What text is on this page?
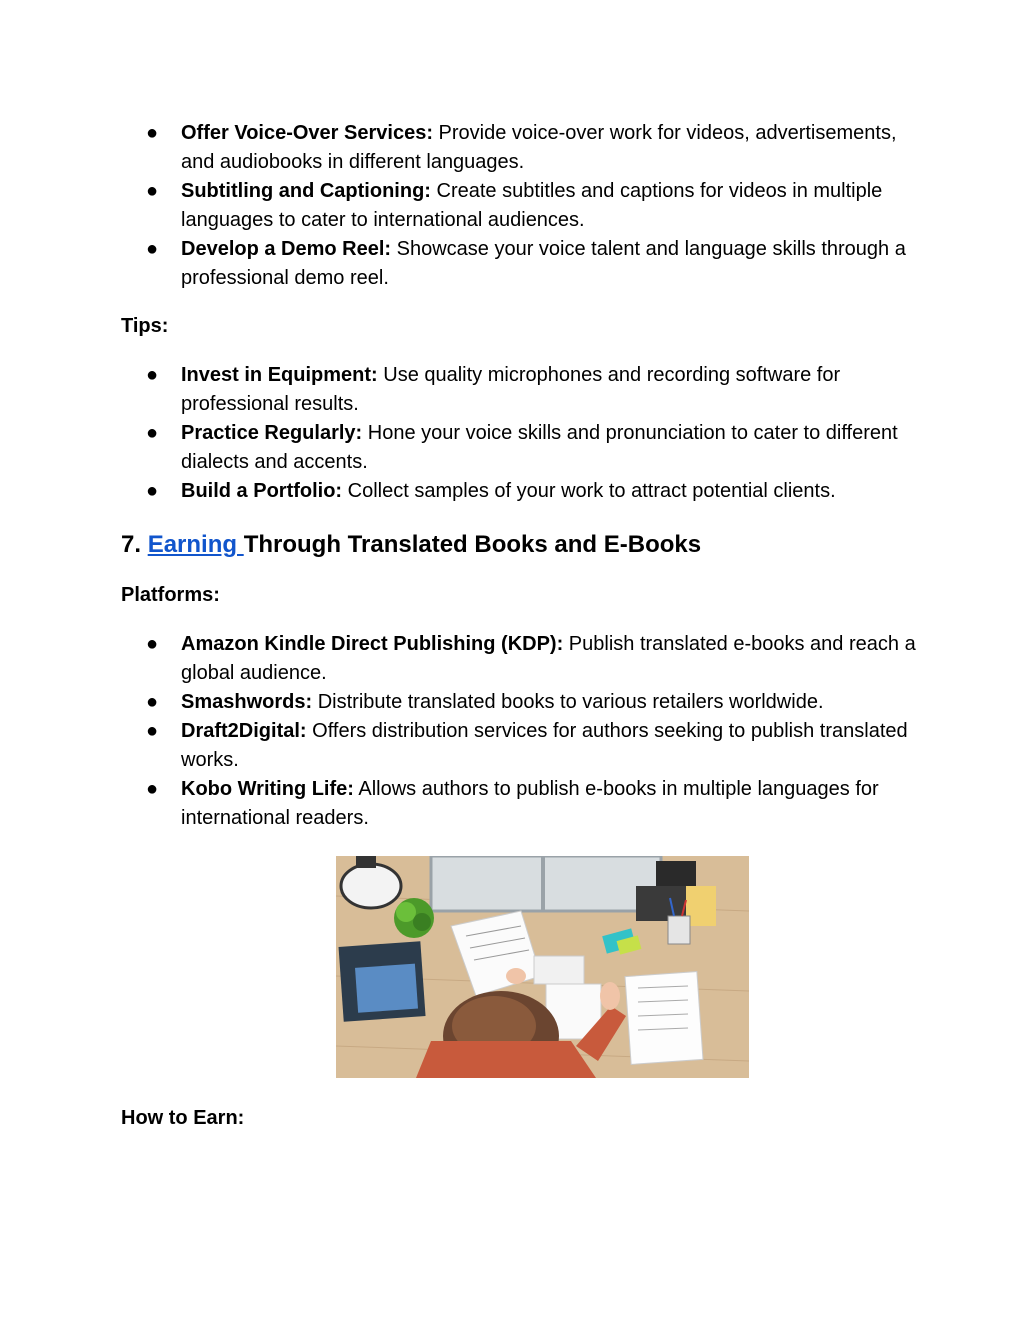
● Offer Voice-Over Services: Provide voice-over work for videos, advertisements, and audiobooks in different languages.
● Subtitling and Captioning: Create subtitles and captions for videos in multiple languages to cater to international audiences.
● Develop a Demo Reel: Showcase your voice talent and language skills through a professional demo reel.

Tips:

● Invest in Equipment: Use quality microphones and recording software for professional results.
● Practice Regularly: Hone your voice skills and pronunciation to cater to different dialects and accents.
● Build a Portfolio: Collect samples of your work to attract potential clients.
7. Earning Through Translated Books and E-Books

Platforms:

● Amazon Kindle Direct Publishing (KDP): Publish translated e-books and reach a global audience.
● Smashwords: Distribute translated books to various retailers worldwide.
● Draft2Digital: Offers distribution services for authors seeking to publish translated works.
● Kobo Writing Life: Allows authors to publish e-books in multiple languages for international readers.

How to Earn:
